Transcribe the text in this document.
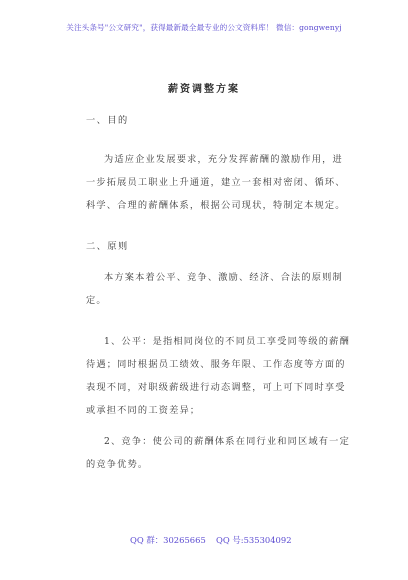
关注头条号"公文研究"，获得最新最全最专业的公文资料库！ 微信：gongwenyj
薪资调整方案
一、目的
为适应企业发展要求，充分发挥薪酬的激励作用，进
一步拓展员工职业上升通道，建立一套相对密闭、循环、
科学、合理的薪酬体系，根据公司现状，特制定本规定。
二、原则
本方案本着公平、竞争、激励、经济、合法的原则制
定。
1、公平：是指相同岗位的不同员工享受同等级的薪酬
待遇；同时根据员工绩效、服务年限、工作态度等方面的
表现不同，对职级薪级进行动态调整，可上可下同时享受
或承担不同的工资差异；
2、竞争：使公司的薪酬体系在同行业和同区域有一定
的竞争优势。
QQ 群：30265665 QQ 号:535304092
